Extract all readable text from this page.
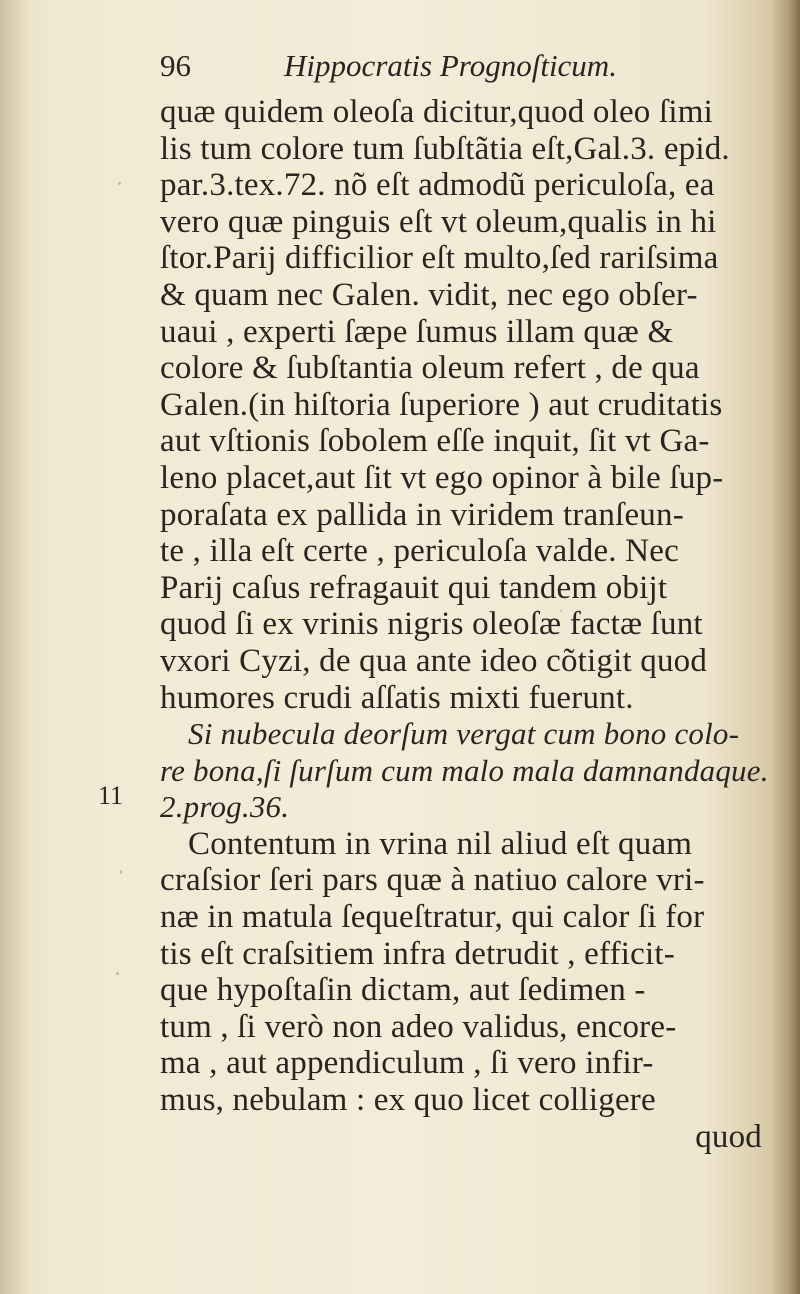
11
96	Hippocratis Prognoſticum.
quæ quidem oleoſa dicitur,quod oleo ſimi
lis tum colore tum ſubſtãtia eſt,Gal.3. epid.
par.3.tex.72. nõ eſt admodũ periculoſa, ea
vero quæ pinguis eſt vt oleum,qualis in hi
ſtor.Parij difficilior eſt multo,ſed rariſsima
& quam nec Galen. vidit, nec ego obſer-
uaui , experti ſæpe ſumus illam quæ &
colore & ſubſtantia oleum refert , de qua
Galen.(in hiſtoria ſuperiore ) aut cruditatis
aut vſtionis ſobolem eſſe inquit, ſit vt Ga-
leno placet,aut ſit vt ego opinor à bile ſup-
poraſata ex pallida in viridem tranſeun-
te , illa eſt certe , periculoſa valde. Nec
Parij caſus refragauit qui tandem obijt
quod ſi ex vrinis nigris oleoſæ factæ ſunt
vxori Cyzi, de qua ante ideo cõtigit quod
humores crudi aſſatis mixti fuerunt.
Si nubecula deorſum vergat cum bono colo-
re bona,ſi ſurſum cum malo mala damnandaque.
2.prog.36.
Contentum in vrina nil aliud eſt quam
craſsior ſeri pars quæ à natiuo calore vri-
næ in matula ſequeſtratur, qui calor ſi for
tis eſt craſsitiem infra detrudit , efficit-
que hypoſtaſin dictam, aut ſedimen -
tum , ſi verò non adeo validus, encore-
ma , aut appendiculum , ſi vero infir-
mus, nebulam : ex quo licet colligere
quod
